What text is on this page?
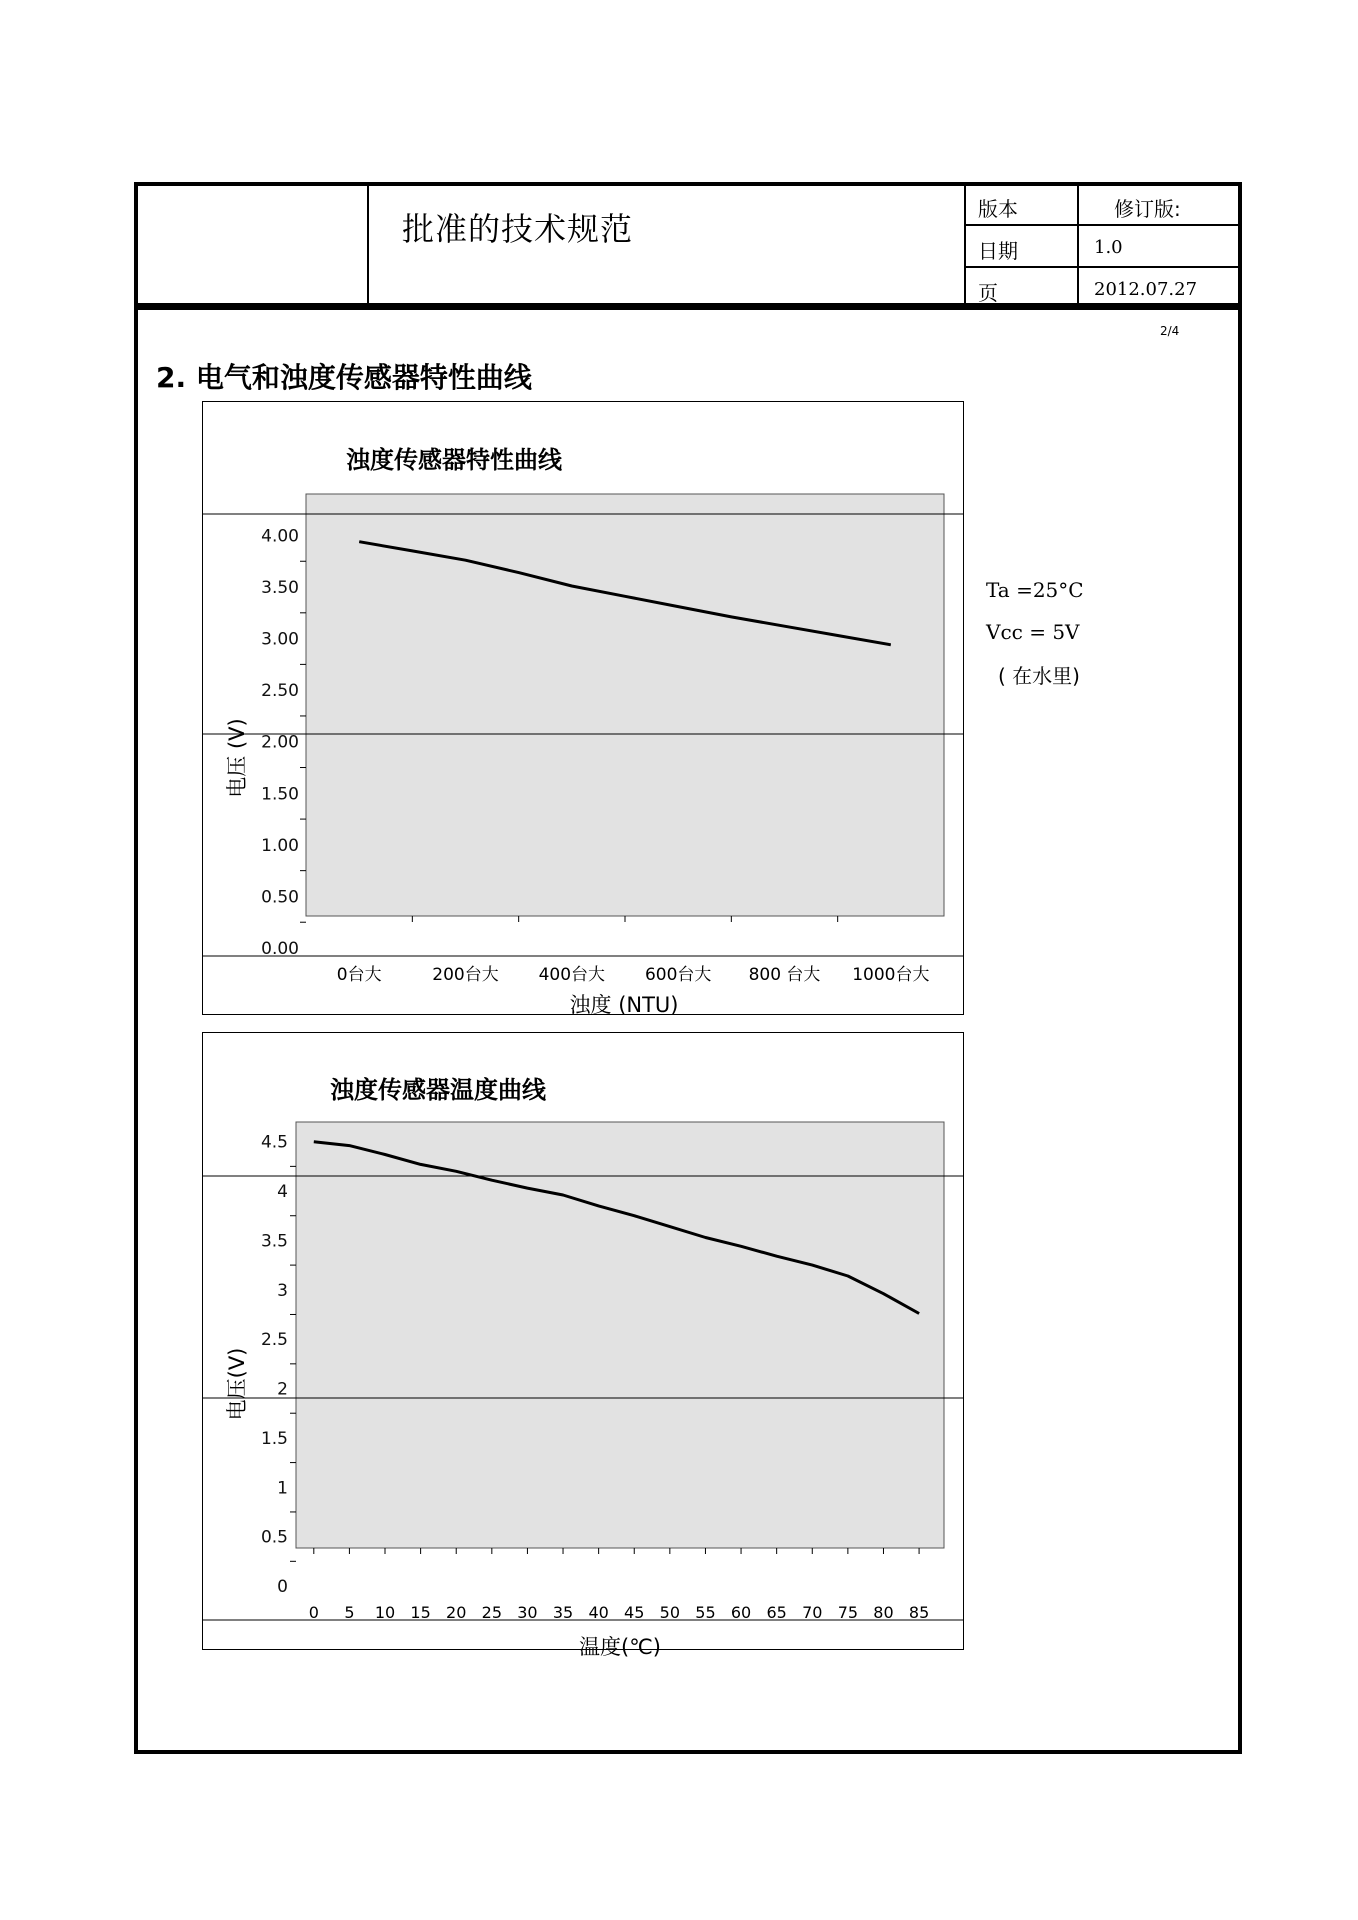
批准的技术规范
版本	修订版:
日期	1.0
页	2012.07.27
2/4
2. 电气和浊度传感器特性曲线
浊度传感器特性曲线
0.00
0.50
1.00
1.50
2.00
2.50
3.00
3.50
4.00
0台大	200台大 400台大 600台大 800 台大 1000台大
浊度 (NTU)
电压 (V)
浊度传感器温度曲线
0
0.5
1
1.5
2
2.5
3
3.5
4
4.5
0 5 10 15 20 25 30 35 40 45 50 55 60 65 70 75 80 85
温度(℃)
电压(V)
Ta =25°C
Vcc = 5V
( 在水里)
